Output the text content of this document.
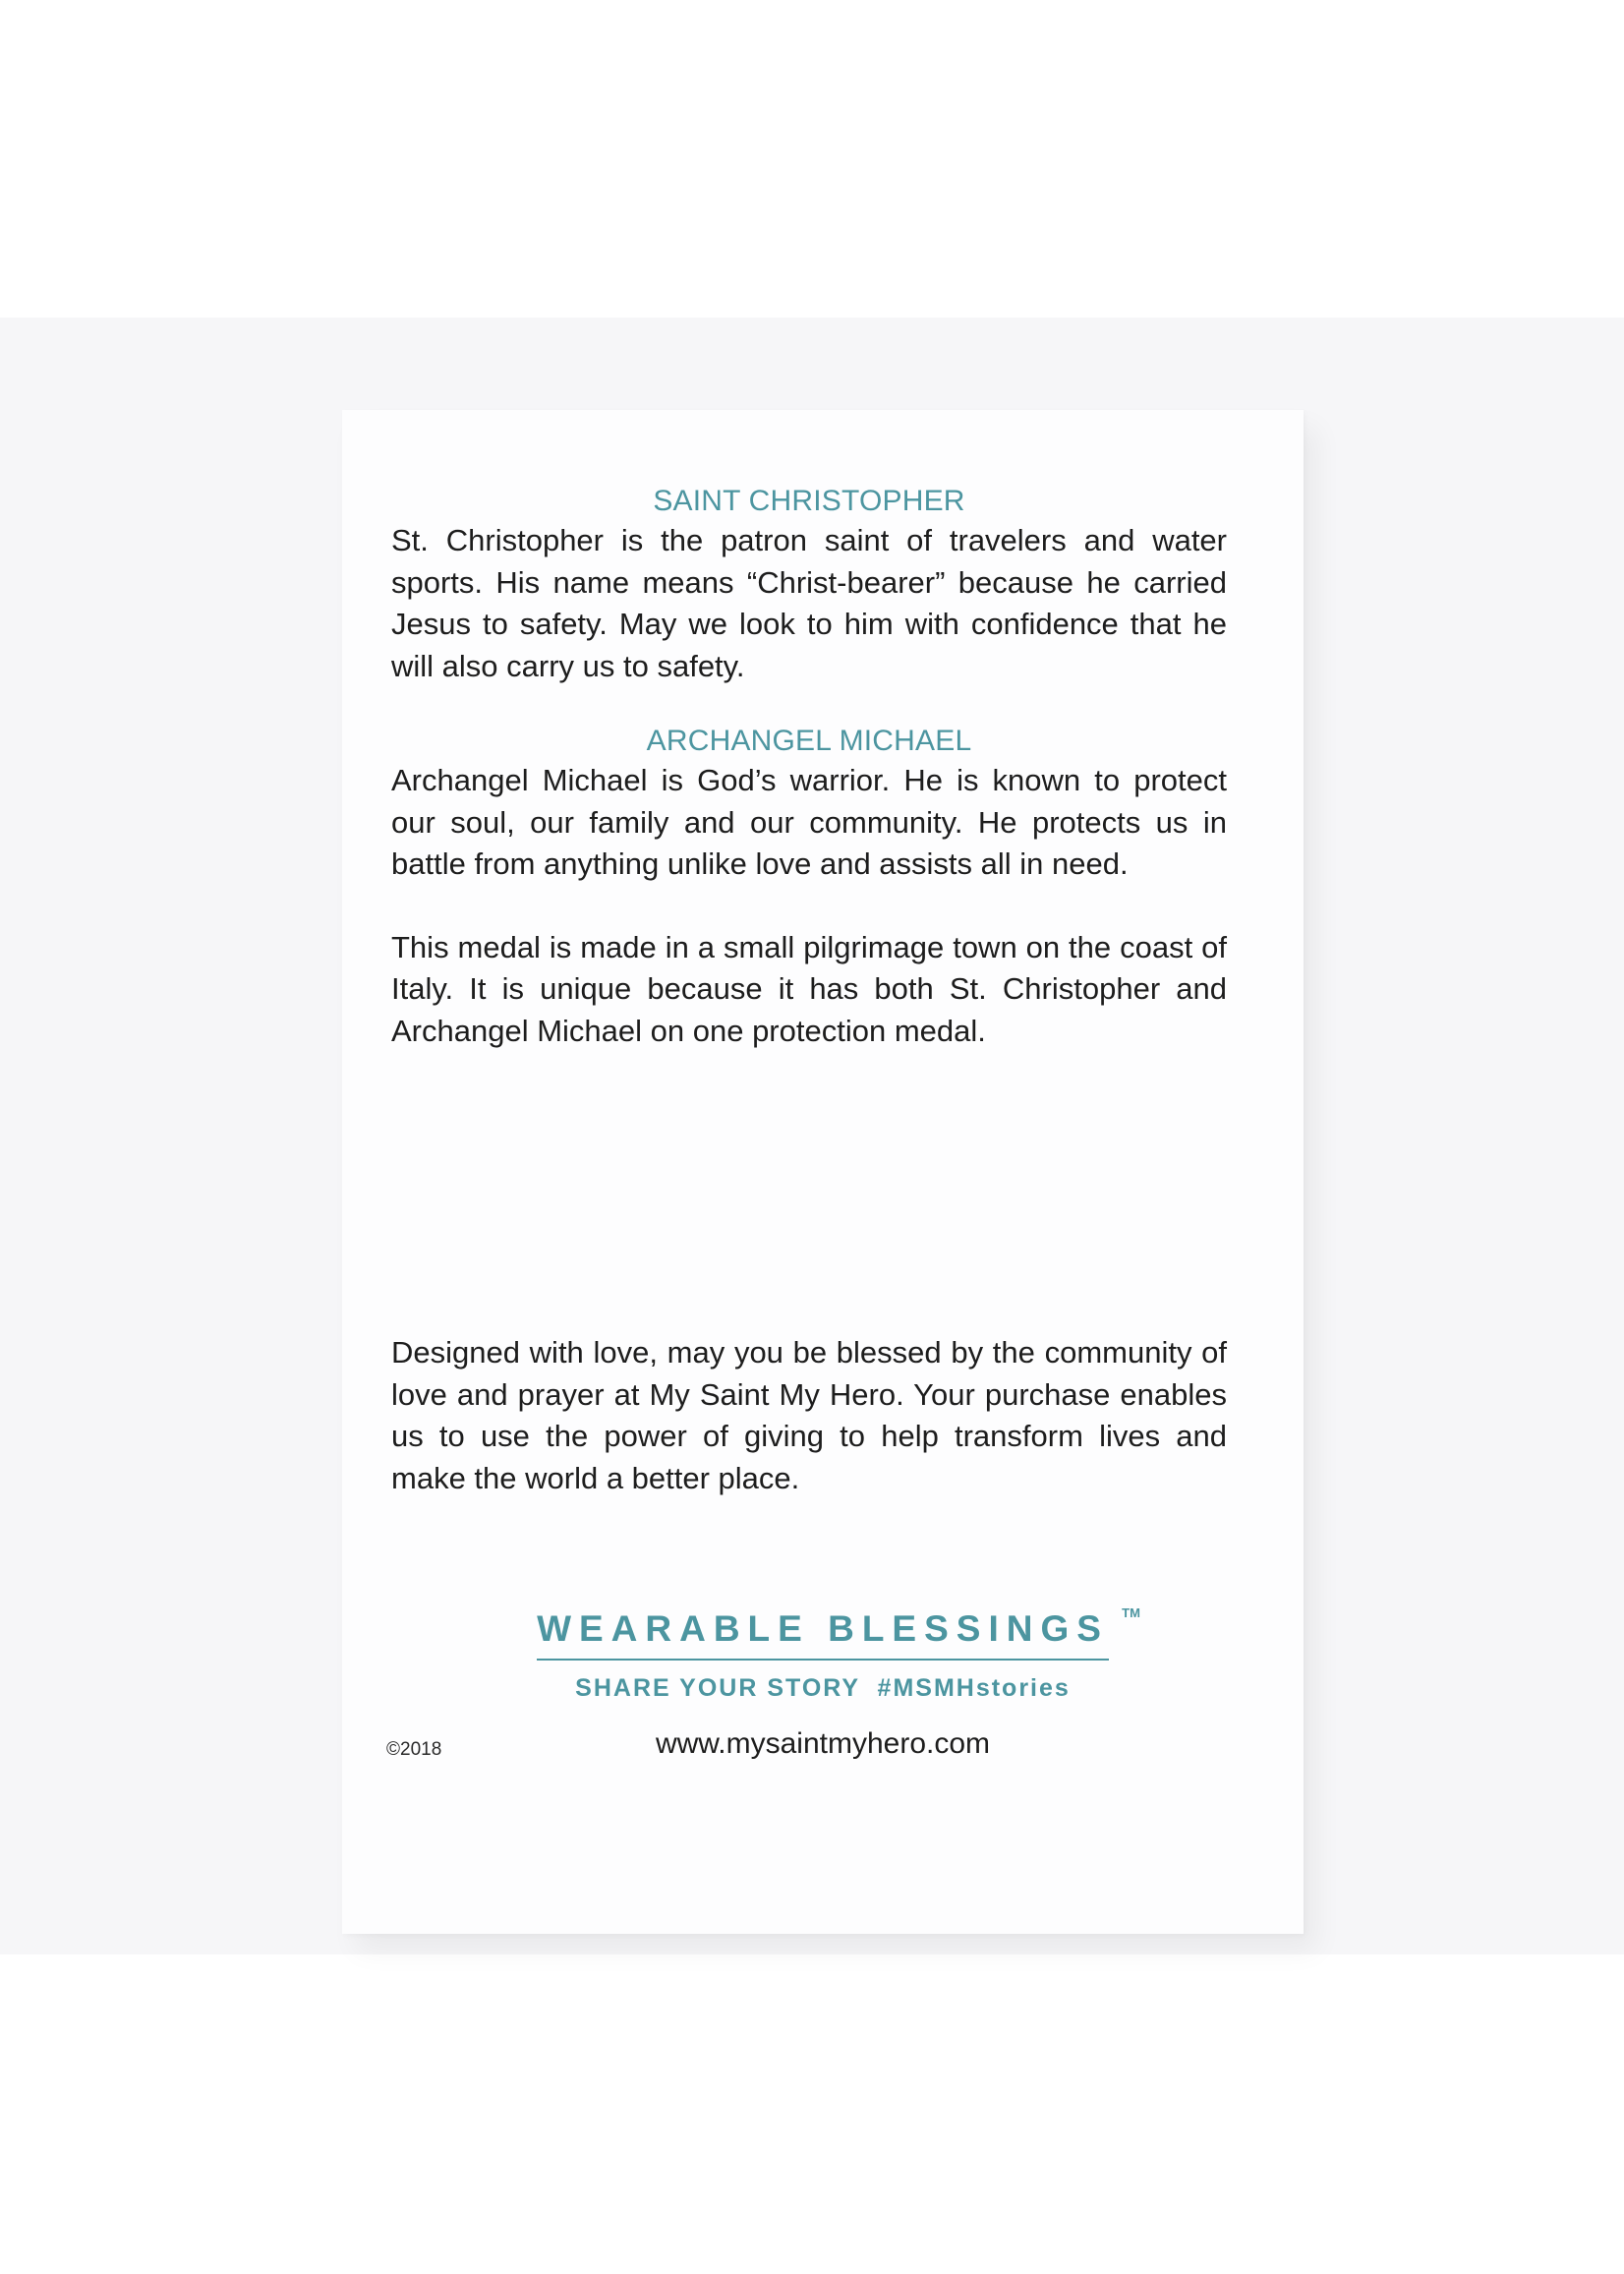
SAINT CHRISTOPHER

St. Christopher is the patron saint of travelers and water sports. His name means “Christ-bearer” because he carried Jesus to safety. May we look to him with confidence that he will also carry us to safety.

ARCHANGEL MICHAEL

Archangel Michael is God’s warrior. He is known to protect our soul, our family and our community. He protects us in battle from anything unlike love and assists all in need.

This medal is made in a small pilgrimage town on the coast of Italy. It is unique because it has both St. Christopher and Archangel Michael on one protection medal.

Designed with love, may you be blessed by the community of love and prayer at My Saint My Hero. Your purchase enables us to use the power of giving to help transform lives and make the world a better place.

WEARABLE BLESSINGS TM
SHARE YOUR STORY  #MSMHstories
©2018	www.mysaintmyhero.com
